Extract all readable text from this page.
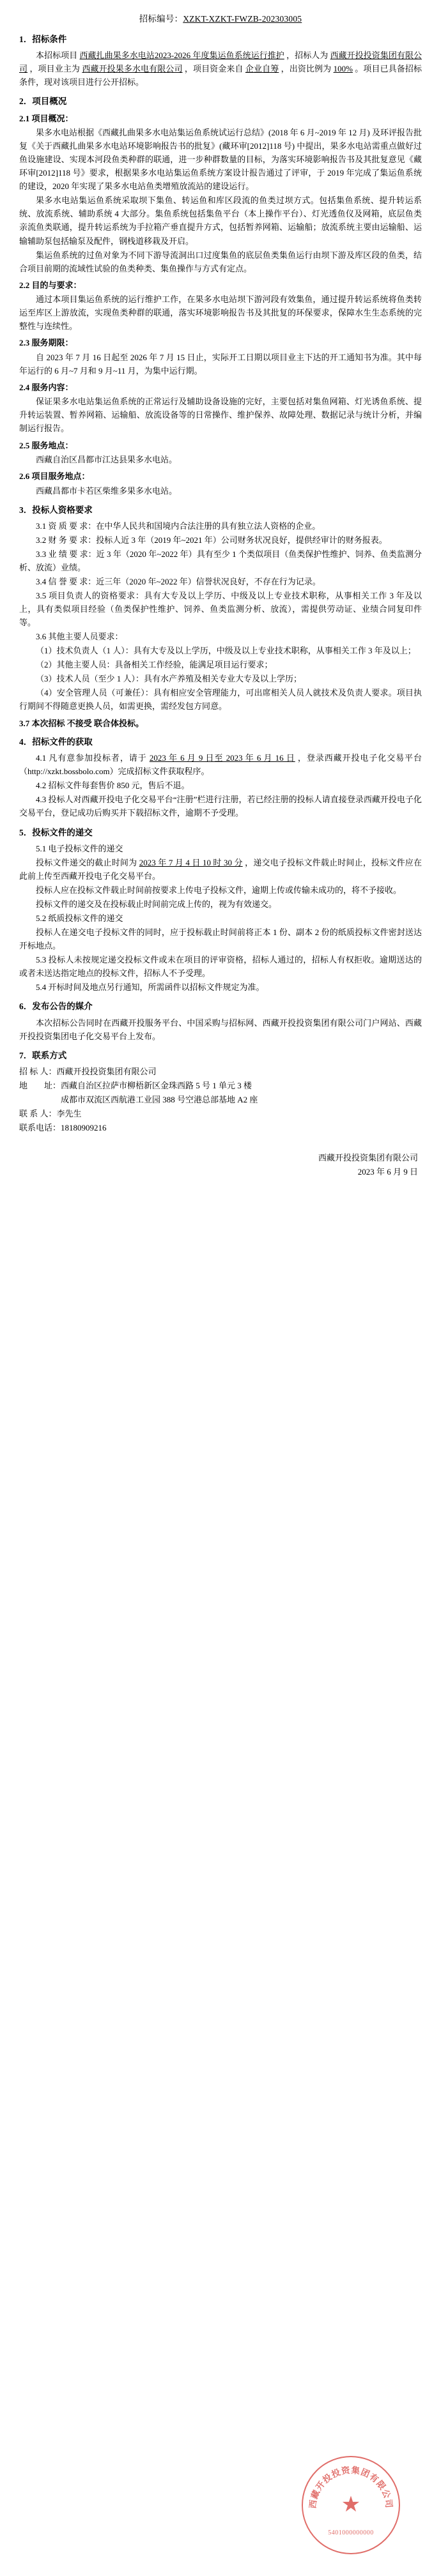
招标编号：XZKT-XZKT-FWZB-202303005
1．招标条件

本招标项目 西藏扎曲果多水电站2023-2026 年度集运鱼系统运行推护 ，招标人为 西藏开投投资集团有限公司 ，项目业主为 西藏开投果多水电有限公司 ，项目资金来自 企业自筹 ，出资比例为 100% 。项目已具备招标条件，现对该项目进行公开招标。

2．项目概况
2.1 项目概况：

果多水电站根据《西藏扎曲果多水电站集运鱼系统试运行总结》(2018 年 6 月~2019 年 12 月) 及环评报告批复《关于西藏扎曲果多水电站环境影响报告书的批复》(藏环审[2012]118 号) 中提出，果多水电站需重点做好过鱼设施建设、实现本河段鱼类种群的联通，进一步种群数量的目标，为落实环境影响报告书及其批复意见《藏环审[2012]118 号》要求，根据果多水电站集运鱼系统方案设计报告通过了评审，于 2019 年完成了集运鱼系统的建设，2020 年实现了果多水电站鱼类增殖放流站的建设运行。

果多水电站集运鱼系统采取坝下集鱼、转运鱼和库区段流的鱼类过坝方式。包括集鱼系统、提升转运系统、放流系统、辅助系统 4 大部分。集鱼系统包括集鱼平台（本上操作平台）、灯光透鱼仪及网箱，底层鱼类亲流鱼类联通，提升转运系统为手拉箱产垂直提升方式，包括暂养网箱、运输船；放流系统主要由运输船、运输辅助泵包括输泵及配件，钢栈道移栽及开启。

集运鱼系统的过鱼对象为不同下游导流洞出口过度集鱼的底层鱼类集鱼运行由坝下游及库区段的鱼类，结合项目前期的流域性试验的鱼类种类、集鱼操作与方式有定点。

2.2 目的与要求：

通过本项目集运鱼系统的运行维护工作，在果多水电站坝下游河段有效集鱼，通过提升转运系统将鱼类转运至库区上游放流，实现鱼类种群的联通，落实环境影响报告书及其批复的环保要求，保障水生生态系统的完整性与连续性。

2.3 服务期限：

自 2023 年 7 月 16 日起至 2026 年 7 月 15 日止，实际开工日期以项目业主下达的开工通知书为准。其中每年运行的 6 月~7 月和 9 月~11 月，为集中运行期。

2.4 服务内容：

保证果多水电站集运鱼系统的正常运行及辅助设备设施的完好，主要包括对集鱼网箱、灯光诱鱼系统、提升转运装置、暂养网箱、运输船、放流设备等的日常操作、维护保养、故障处理、数据记录与统计分析，并编制运行报告。

2.5 服务地点：

西藏自治区昌都市江达县果多水电站。

2.6 项目服务地点：

西藏昌都市卡若区柴维多果多水电站。

3．投标人资格要求

3.1 资 质 要 求：在中华人民共和国境内合法注册的具有独立法人资格的企业。

3.2 财 务 要 求：投标人近 3 年（2019 年~2021 年）公司财务状况良好，提供经审计的财务报表。

3.3 业 绩 要 求：近 3 年（2020 年~2022 年）具有至少 1 个类似项目（鱼类保护性维护、饲养、鱼类监测分析、放流）业绩。

3.4 信 誉 要 求：近三年（2020 年~2022 年）信誉状况良好，不存在行为记录。

3.5 项目负责人的资格要求：具有大专及以上学历、中级及以上专业技术职称，从事相关工作 3 年及以上，具有类似项目经验（鱼类保护性维护、饲养、鱼类监测分析、放流），需提供劳动证、业绩合同复印件等。

3.6 其他主要人员要求：

（1）技术负责人（1 人）：具有大专及以上学历，中级及以上专业技术职称，从事相关工作 3 年及以上；

（2）其他主要人员：具备相关工作经验，能满足项目运行要求；

（3）技术人员（至少 1 人）：具有水产养殖及相关专业大专及以上学历；

（4）安全管理人员（可兼任）：具有相应安全管理能力，可出席相关人员人就技术及负责人要求。项目执行期间不得随意更换人员，如需更换，需经发包方同意。

3.7 本次招标 不接受 联合体投标。
4．招标文件的获取

4.1 凡有意参加投标者，请于 2023 年 6 月 9 日至 2023 年 6 月 16 日 ，登录西藏开投电子化交易平台（http://xzkt.bossbolo.com）完成招标文件获取程序。

4.2 招标文件每套售价 850 元，售后不退。

4.3 投标人对西藏开投电子化交易平台“注册”栏进行注册，若已经注册的投标人请直接登录西藏开投电子化交易平台，登记成功后购买并下载招标文件，逾期不予受理。

5．投标文件的递交

5.1 电子投标文件的递交

投标文件递交的截止时间为 2023 年 7 月 4 日 10 时 30 分 ，递交电子投标文件载止时间止，投标文件应在此前上传至西藏开投电子化交易平台。

投标人应在投标文件载止时间前按要求上传电子投标文件，逾期上传或传输未成功的，将不予接收。

投标文件的递交及在投标载止时间前完成上传的，视为有效递交。

5.2 纸质投标文件的递交

投标人在递交电子投标文件的同时，应于投标载止时间前将正本 1 份、副本 2 份的纸质投标文件密封送达开标地点。

5.3 投标人未按规定递交投标文件或未在项目的评审资格，招标人通过的，招标人有权拒收。逾期送达的或者未送达指定地点的投标文件，招标人不予受理。

5.4 开标时间及地点另行通知，所需函件以招标文件规定为准。

6．发布公告的媒介

本次招标公告同时在西藏开投服务平台、中国采购与招标网、西藏开投投资集团有限公司门户网站、西藏开投投资集团电子化交易平台上发布。

7．联系方式

招 标 人：西藏开投投资集团有限公司

地　　址：西藏自治区拉萨市柳梧新区金珠西路 5 号 1 单元 3 楼

　　　　　成都市双流区西航港工业园 388 号空港总部基地 A2 座

联 系 人：李先生

联系电话：18180909216

西藏开投投资集团有限公司
2023 年 6 月 9 日
西藏开投投资集团有限公司
★
5401000000000
